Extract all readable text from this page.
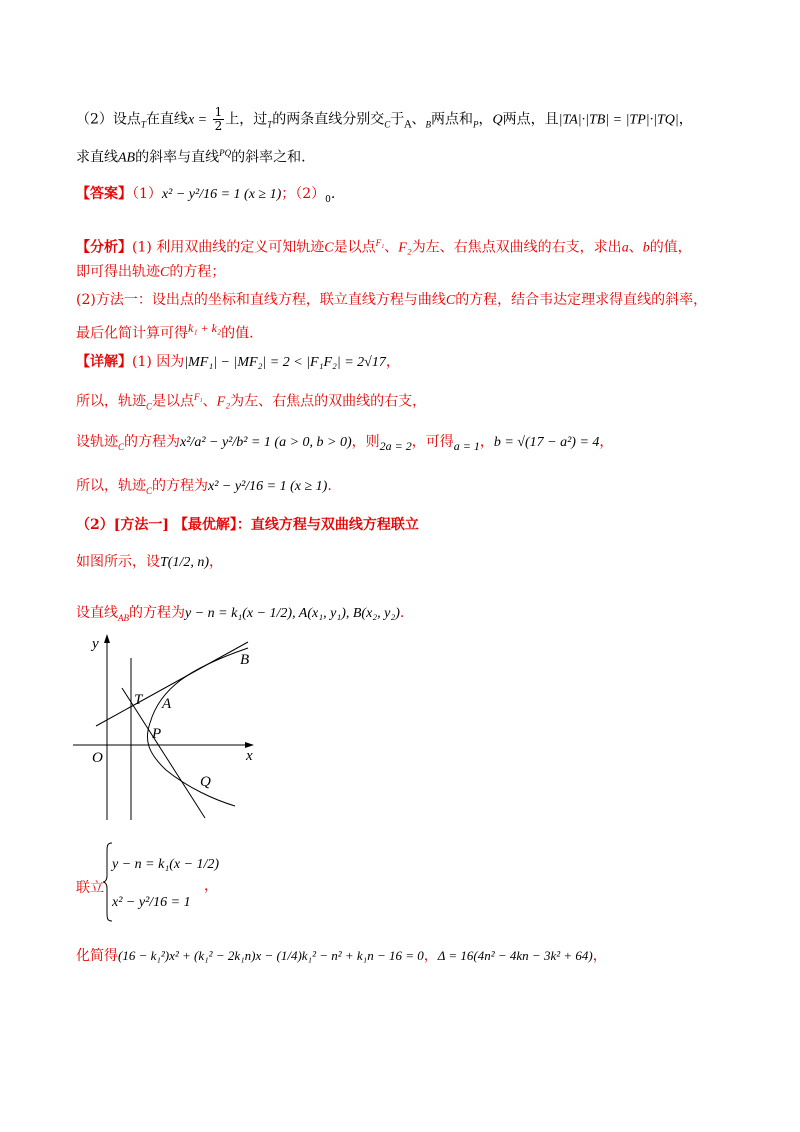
（2）设点$_T$在直线$x = \frac{1}{2}$ 上，过$_T$的两条直线分别交$_C$于$_A$、$_B$两点和$_P$，Q两点，且|TA|·|TB| = |TP|·|TQ|，
求直线AB的斜率与直线$^{PQ}$的斜率之和.
【答案】（1）x² − y²/16 = 1 (x ≥ 1)；$(2)_0$.
【分析】(1) 利用双曲线的定义可知轨迹C是以点$^{F_1}$、F₂为左、右焦点双曲线的右支，求出a、b的值，
即可得出轨迹C的方程；
(2)方法一：设出点的坐标和直线方程，联立直线方程与曲线C的方程，结合韦达定理求得直线的斜率，
最后化简计算可得$^{k_1 + k_2}$的值.
【详解】(1) 因为|MF₁| − |MF₂| = 2 < |F₁F₂| = 2√17，
所以，轨迹$_C$是以点$^{F_1}$、F₂为左、右焦点的双曲线的右支，
设轨迹$_C$的方程为x²/a² − y²/b² = 1 (a > 0, b > 0)，则$_{2a = 2}$，可得$_{a = 1}$，b = √(17 − a²) = 4，
所以，轨迹$_C$的方程为x² − y²/16 = 1 (x ≥ 1).
（2）[方法一] 【最优解】：直线方程与双曲线方程联立
如图所示，设T(1/2, n)，
设直线$_{AB}$的方程为y − n = k₁(x − 1/2), A(x₁, y₁), B(x₂, y₂).
y
x
O
T A
B
P
Q
联立
y − n = k₁(x − 1/2)
x² − y²/16 = 1
，
化简得(16 − k₁²)x² + (k₁² − 2k₁n)x − (1/4)k₁² − n² + k₁n − 16 = 0，Δ = 16(4n² − 4kn − 3k² + 64)，
